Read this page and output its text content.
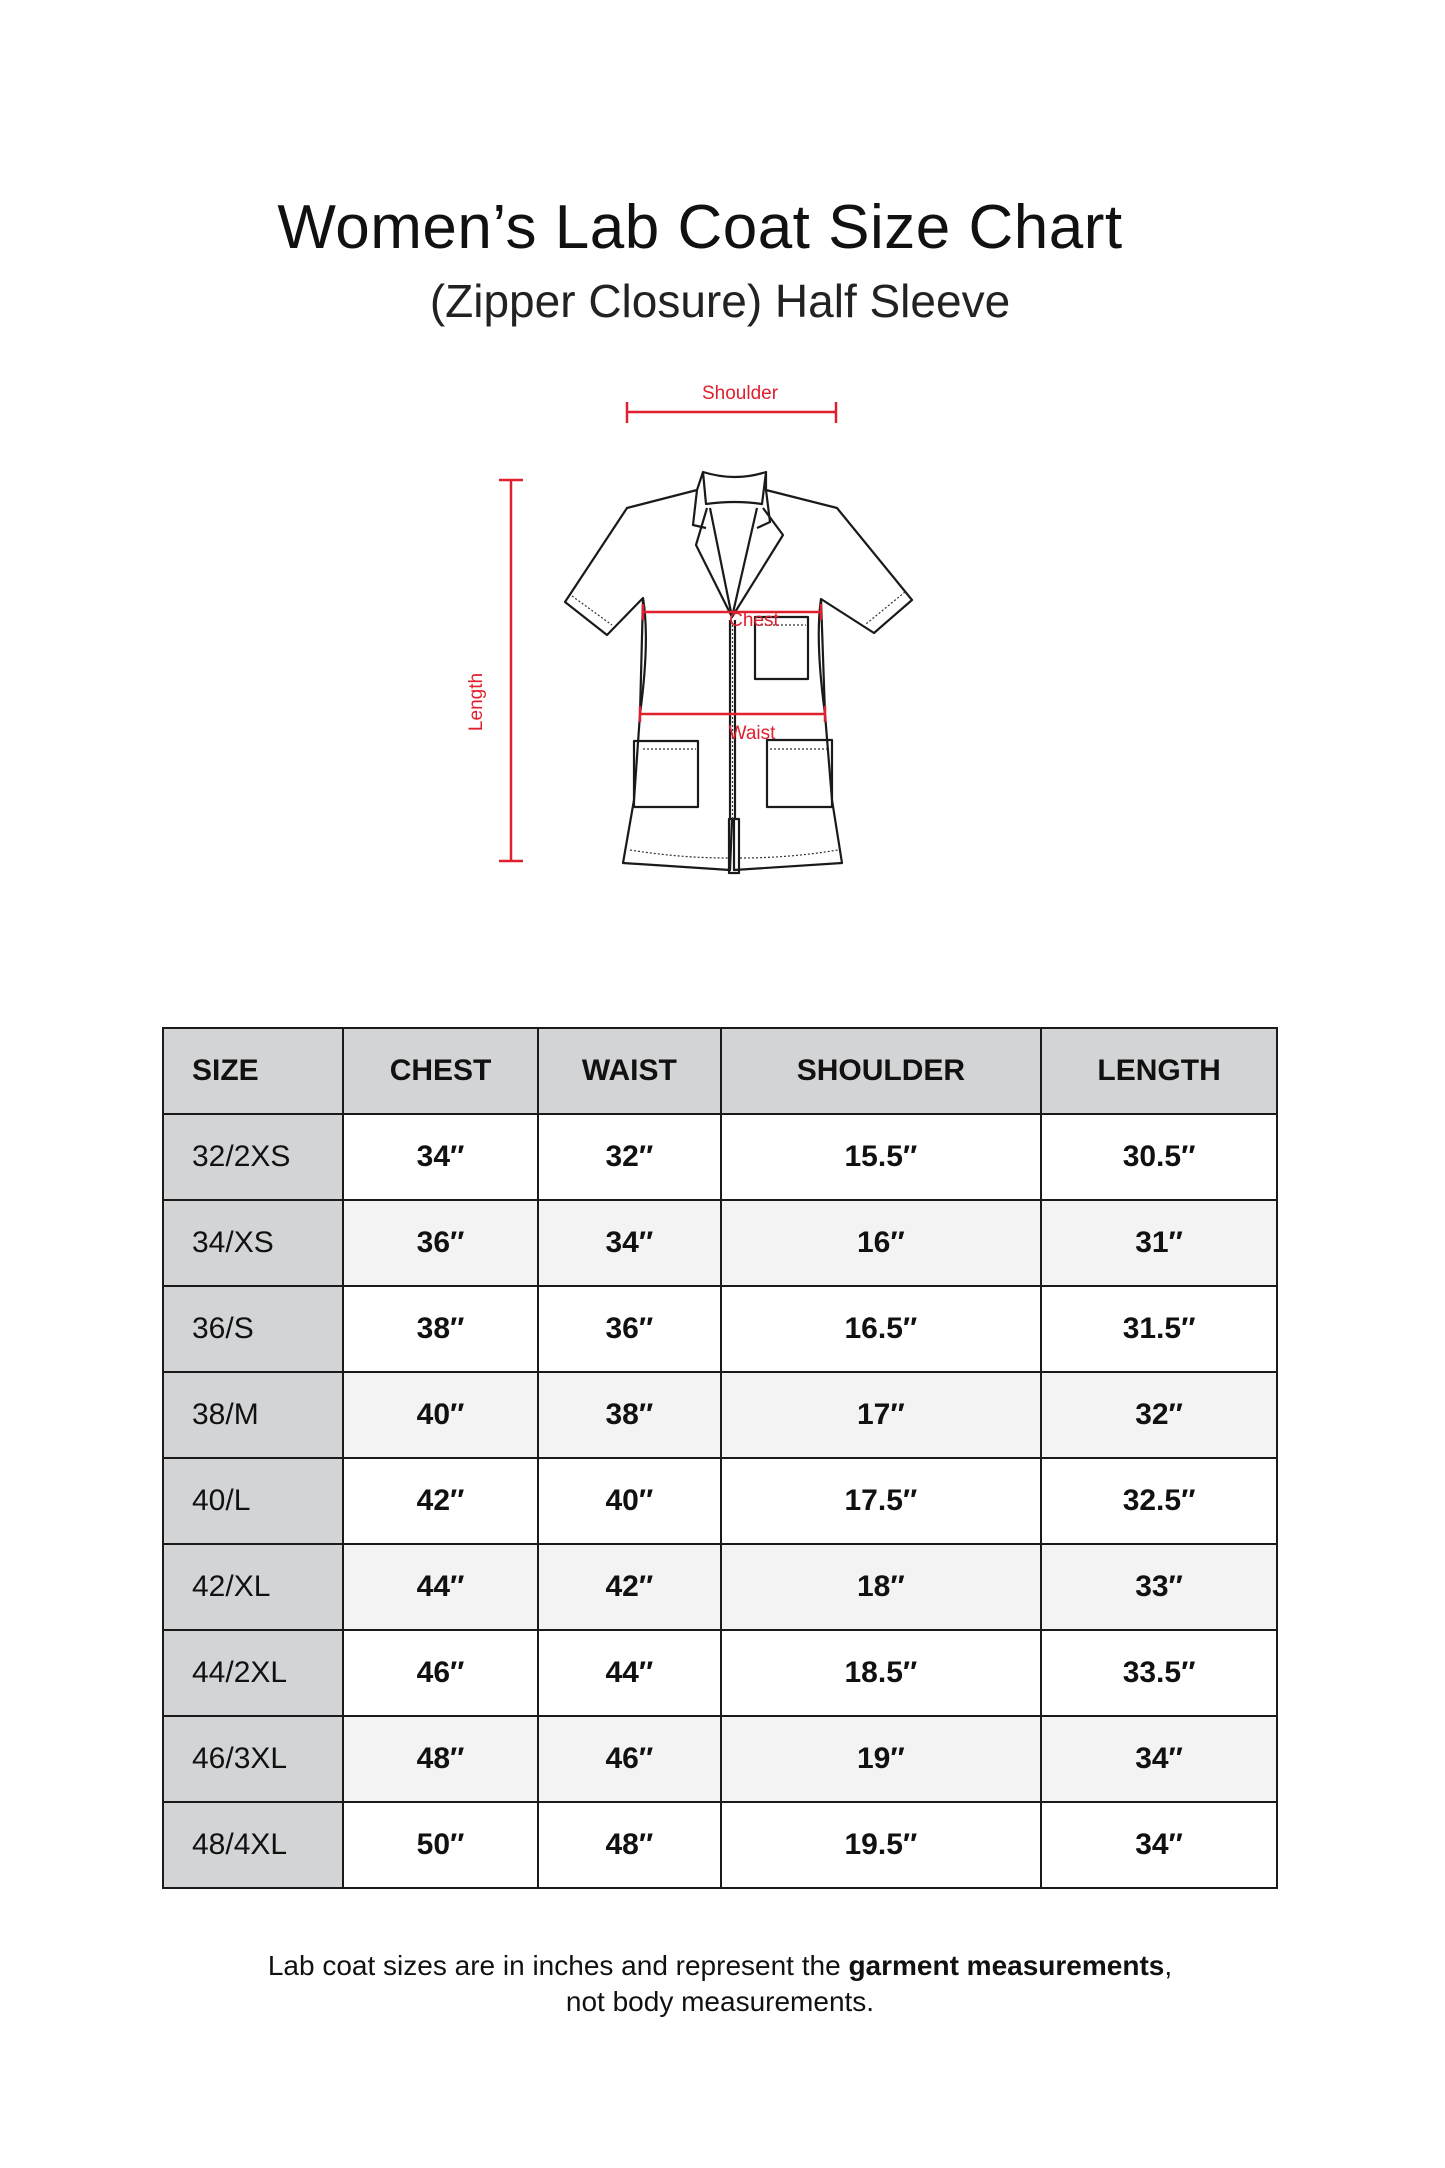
Women’s Lab Coat Size Chart
(Zipper Closure) Half Sleeve
Shoulder
Chest
Waist
Length
SIZE	CHEST	WAIST	SHOULDER	LENGTH
32/2XS	34″	32″	15.5″	30.5″
34/XS	36″	34″	16″	31″
36/S	38″	36″	16.5″	31.5″
38/M	40″	38″	17″	32″
40/L	42″	40″	17.5″	32.5″
42/XL	44″	42″	18″	33″
44/2XL	46″	44″	18.5″	33.5″
46/3XL	48″	46″	19″	34″
48/4XL	50″	48″	19.5″	34″
Lab coat sizes are in inches and represent the garment measurements,
not body measurements.
